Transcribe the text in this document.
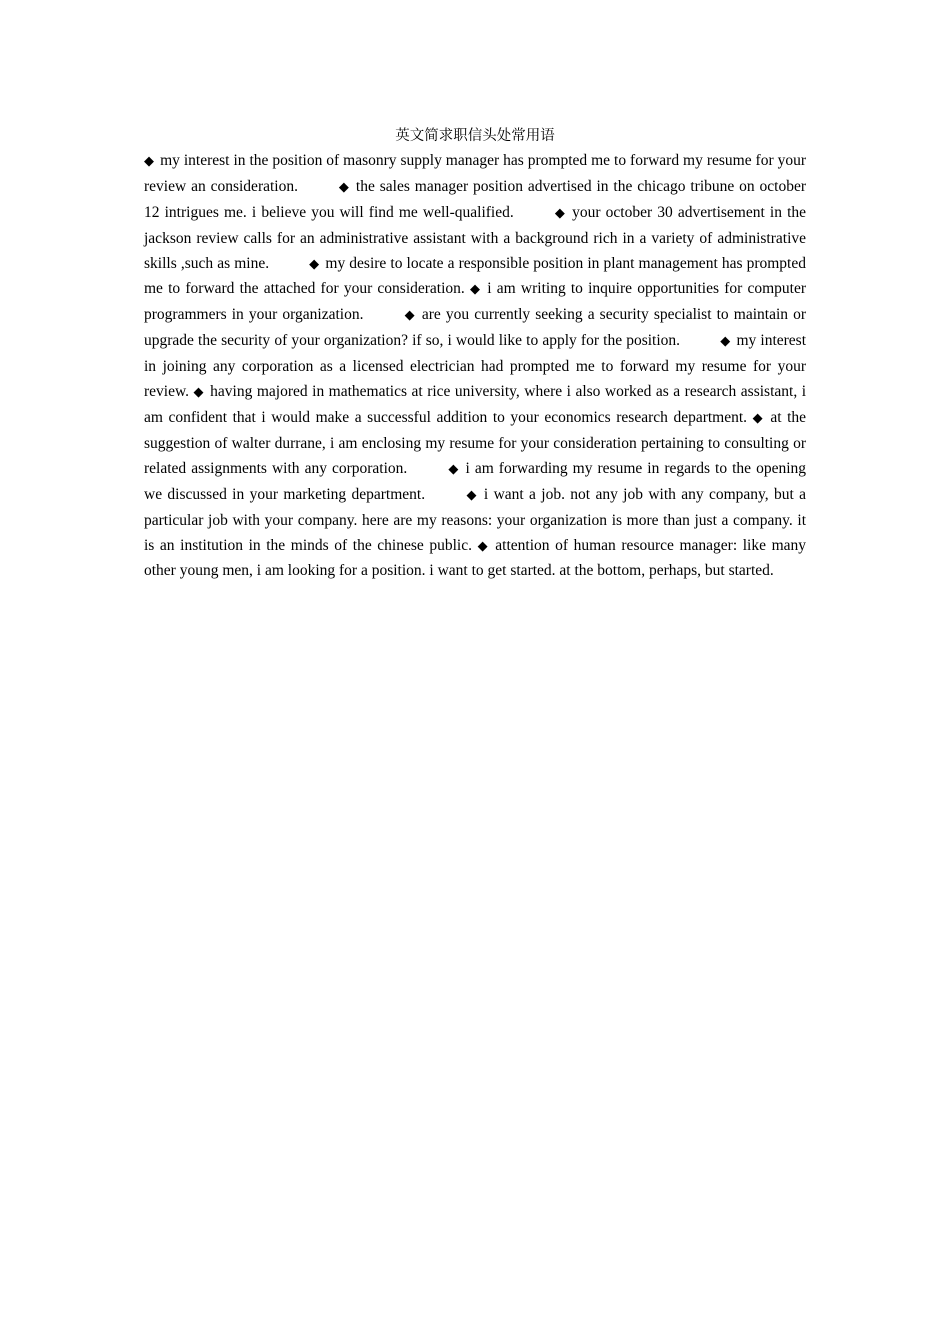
英文简求职信头处常用语

◆ my interest in the position of masonry supply manager has prompted me to forward my resume for your review an consideration.	◆ the sales manager position advertised in the chicago tribune on october 12 intrigues me. i believe you will find me well-qualified.	◆ your october 30 advertisement in the jackson review calls for an administrative assistant with a background rich in a variety of administrative skills ,such as mine.	◆ my desire to locate a responsible position in plant management has prompted me to forward the attached for your consideration. ◆ i am writing to inquire opportunities for computer programmers in your organization.	◆ are you currently seeking a security specialist to maintain or upgrade the security of your organization? if so, i would like to apply for the position.	◆ my interest in joining any corporation as a licensed electrician had prompted me to forward my resume for your review. ◆ having majored in mathematics at rice university, where i also worked as a research assistant, i am confident that i would make a successful addition to your economics research department. ◆ at the suggestion of walter durrane, i am enclosing my resume for your consideration pertaining to consulting or related assignments with any corporation.	◆ i am forwarding my resume in regards to the opening we discussed in your marketing department.	◆ i want a job. not any job with any company, but a particular job with your company. here are my reasons: your organization is more than just a company. it is an institution in the minds of the chinese public. ◆ attention of human resource manager: like many other young men, i am looking for a position. i want to get started. at the bottom, perhaps, but started.
